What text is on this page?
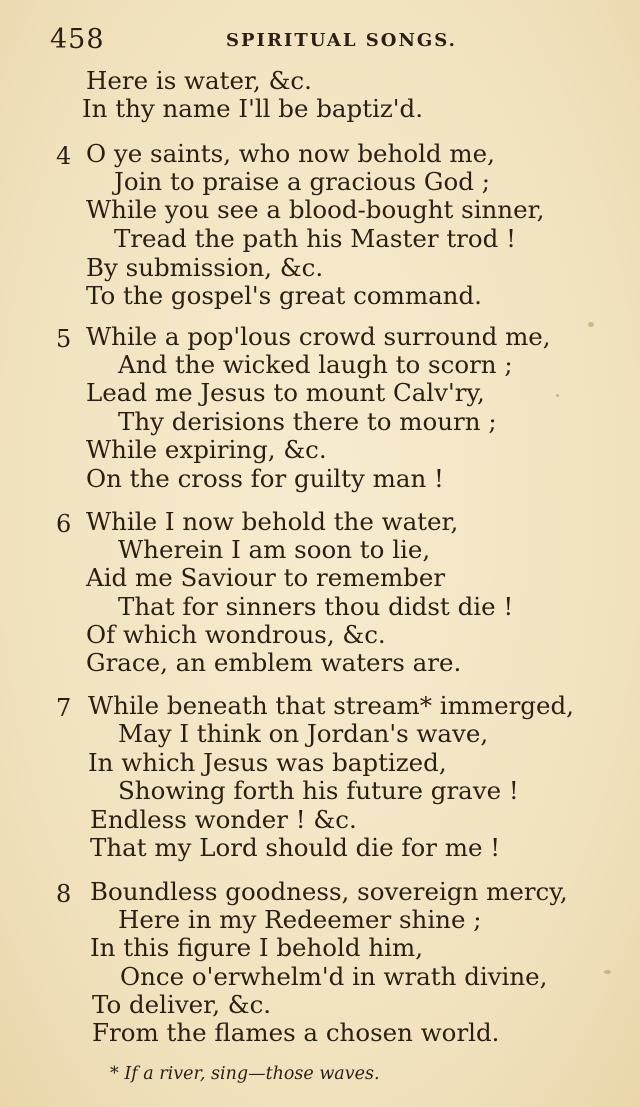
458	SPIRITUAL SONGS.
Here is water, &c.
In thy name I'll be baptiz'd.
4 O ye saints, who now behold me,
Join to praise a gracious God ;
While you see a blood-bought sinner,
Tread the path his Master trod !
By submission, &c.
To the gospel's great command.
5 While a pop'lous crowd surround me,
And the wicked laugh to scorn ;
Lead me Jesus to mount Calv'ry,
Thy derisions there to mourn ;
While expiring, &c.
On the cross for guilty man !
6 While I now behold the water,
Wherein I am soon to lie,
Aid me Saviour to remember
That for sinners thou didst die !
Of which wondrous, &c.
Grace, an emblem waters are.
7 While beneath that stream* immerged,
May I think on Jordan's wave,
In which Jesus was baptized,
Showing forth his future grave !
Endless wonder ! &c.
That my Lord should die for me !
8 Boundless goodness, sovereign mercy,
Here in my Redeemer shine ;
In this figure I behold him,
Once o'erwhelm'd in wrath divine,
To deliver, &c.
From the flames a chosen world.
* If a river, sing—those waves.
